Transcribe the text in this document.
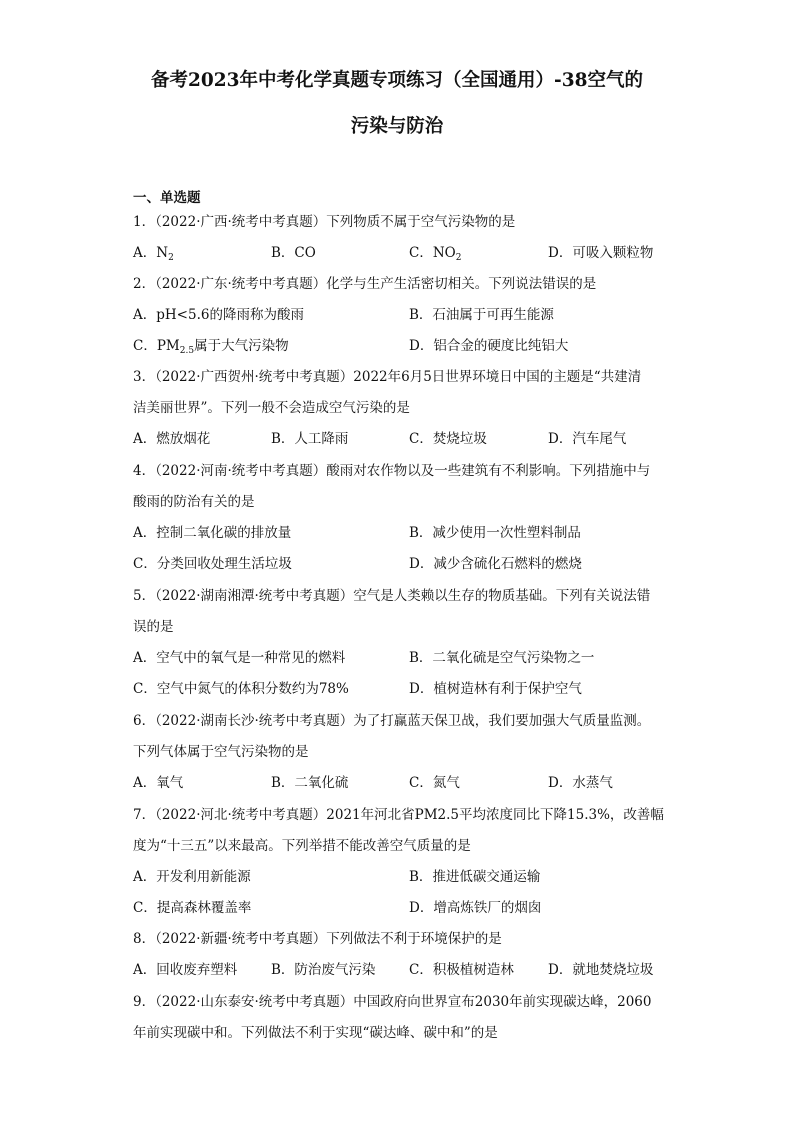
备考2023年中考化学真题专项练习（全国通用）-38空气的
污染与防治
一、单选题
1．（2022·广西·统考中考真题）下列物质不属于空气污染物的是
A．$N_2$	B．CO	C．$NO_2$	D．可吸入颗粒物
2．（2022·广东·统考中考真题）化学与生产生活密切相关。下列说法错误的是
A．pH<5.6的降雨称为酸雨	B．石油属于可再生能源
C．$PM_{2.5}$属于大气污染物	D．铝合金的硬度比纯铝大
3．（2022·广西贺州·统考中考真题）2022年6月5日世界环境日中国的主题是“共建清
洁美丽世界”。下列一般不会造成空气污染的是
A．燃放烟花	B．人工降雨	C．焚烧垃圾	D．汽车尾气
4．（2022·河南·统考中考真题）酸雨对农作物以及一些建筑有不利影响。下列措施中与
酸雨的防治有关的是
A．控制二氧化碳的排放量	B．减少使用一次性塑料制品
C．分类回收处理生活垃圾	D．减少含硫化石燃料的燃烧
5．（2022·湖南湘潭·统考中考真题）空气是人类赖以生存的物质基础。下列有关说法错
误的是
A．空气中的氧气是一种常见的燃料	B．二氧化硫是空气污染物之一
C．空气中氮气的体积分数约为78%	D．植树造林有利于保护空气
6．（2022·湖南长沙·统考中考真题）为了打赢蓝天保卫战，我们要加强大气质量监测。
下列气体属于空气污染物的是
A．氧气	B．二氧化硫	C．氮气	D．水蒸气
7．（2022·河北·统考中考真题）2021年河北省PM2.5平均浓度同比下降15.3%，改善幅
度为“十三五”以来最高。下列举措不能改善空气质量的是
A．开发利用新能源	B．推进低碳交通运输
C．提高森林覆盖率	D．增高炼铁厂的烟囱
8．（2022·新疆·统考中考真题）下列做法不利于环境保护的是
A．回收废弃塑料	B．防治废气污染 C．积极植树造林	D．就地焚烧垃圾
9．（2022·山东泰安·统考中考真题）中国政府向世界宣布2030年前实现碳达峰，2060
年前实现碳中和。下列做法不利于实现“碳达峰、碳中和”的是
